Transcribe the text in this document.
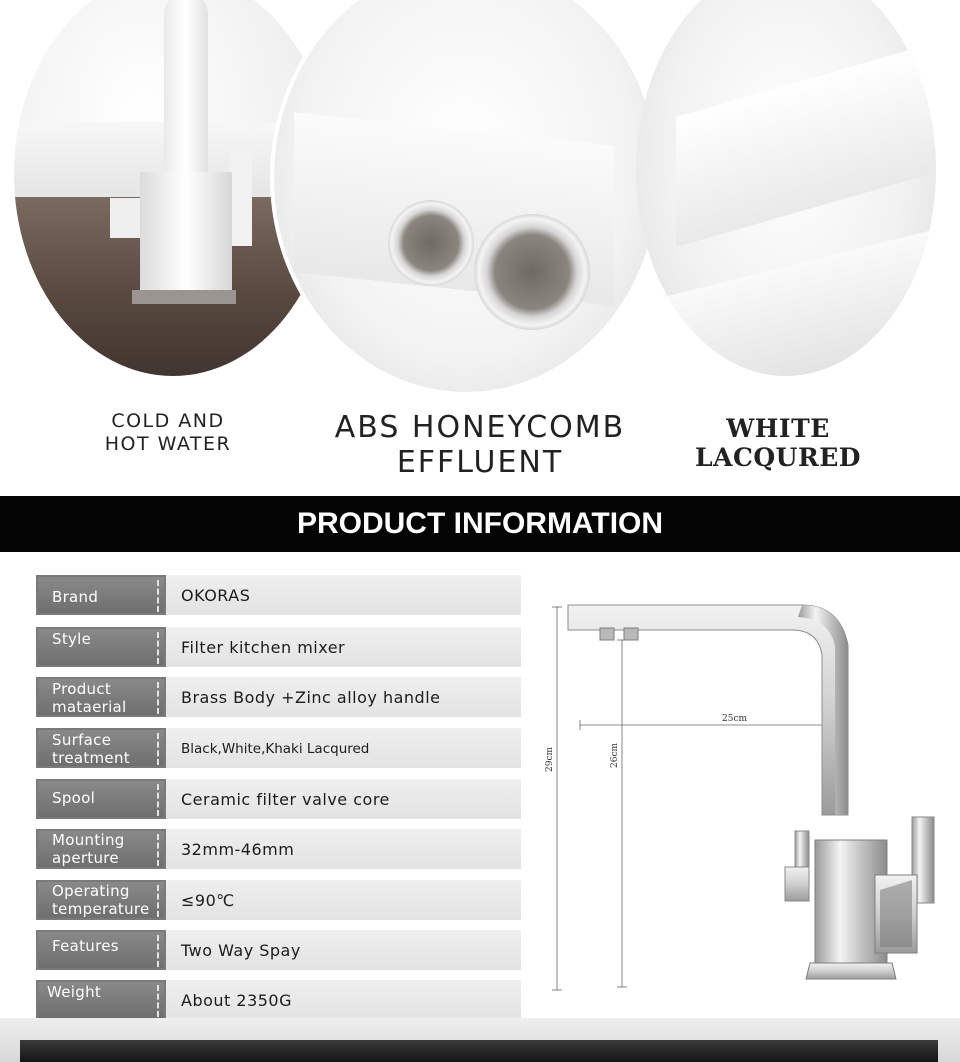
COLD AND
HOT WATER	ABS HONEYCOMB
EFFLUENT
WHITE LACQURED
PRODUCT INFORMATION
Brand	OKORAS
Style	Filter kitchen mixer
Product
mataerial	Brass Body +Zinc alloy handle
Surface
treatment	Black,White,Khaki Lacqured
Spool	Ceramic filter valve core
Mounting
aperture	32mm-46mm
Operating
temperature ≤90℃
Features	Two Way Spay
Weight	About 2350G
29cm	26cm
25cm
